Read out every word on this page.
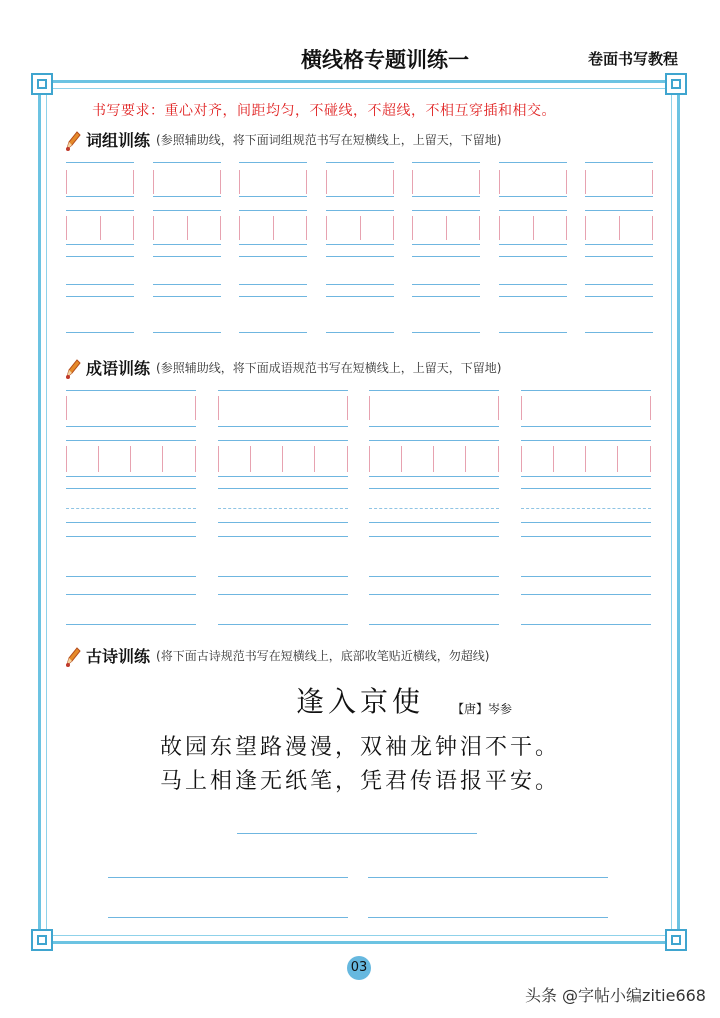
横线格专题训练一	卷面书写教程
书写要求：重心对齐，间距均匀，不碰线，不超线，不相互穿插和相交。
词组训练 (参照辅助线，将下面词组规范书写在短横线上，上留天，下留地)
成语训练 (参照辅助线，将下面成语规范书写在短横线上，上留天，下留地)
古诗训练 (将下面古诗规范书写在短横线上，底部收笔贴近横线，勿超线)
逢入京使	【唐】岑参
故园东望路漫漫，双袖龙钟泪不干。
马上相逢无纸笔，凭君传语报平安。
03
头条 @字帖小编zitie668
